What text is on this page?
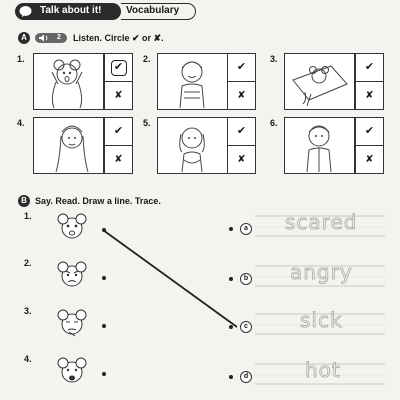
Talk about it! Vocabulary
A	2 Listen. Circle ✔ or ✘.
1.
✔
✘
2.
✔
✘
3.
✔
✘
4.
✔
✘
5.
✔
✘
6.
✔
✘
B Say. Read. Draw a line. Trace.
1.
2.
3.
4.
a scared
b angry
c	sick
d	hot
